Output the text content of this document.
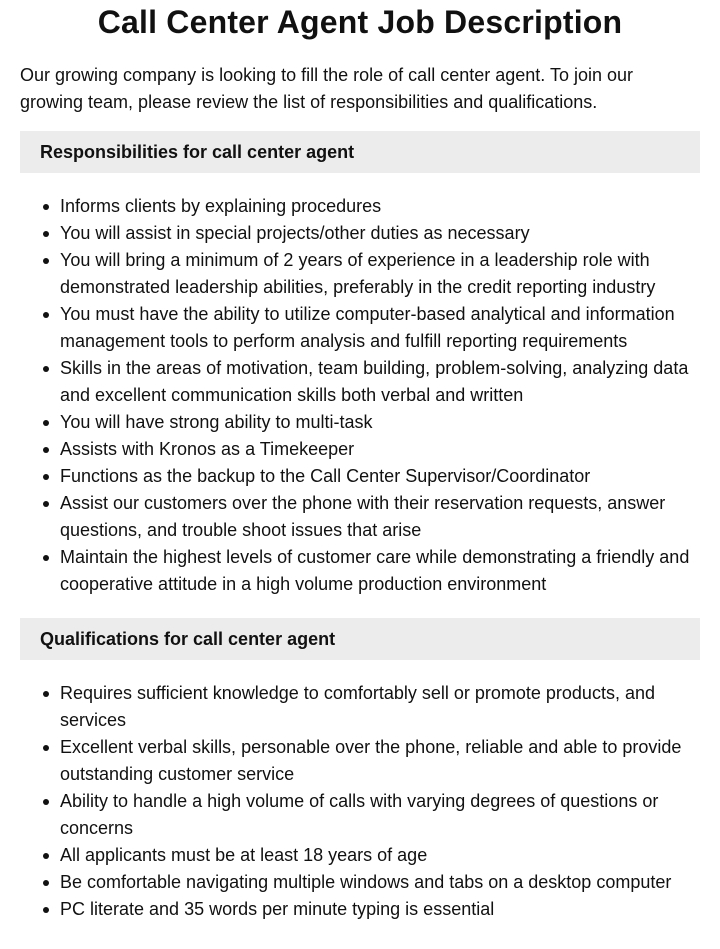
Call Center Agent Job Description

Our growing company is looking to fill the role of call center agent. To join our growing team, please review the list of responsibilities and qualifications.

Responsibilities for call center agent
Informs clients by explaining procedures
You will assist in special projects/other duties as necessary
You will bring a minimum of 2 years of experience in a leadership role with demonstrated leadership abilities, preferably in the credit reporting industry
You must have the ability to utilize computer-based analytical and information management tools to perform analysis and fulfill reporting requirements
Skills in the areas of motivation, team building, problem-solving, analyzing data and excellent communication skills both verbal and written
You will have strong ability to multi-task
Assists with Kronos as a Timekeeper
Functions as the backup to the Call Center Supervisor/Coordinator
Assist our customers over the phone with their reservation requests, answer questions, and trouble shoot issues that arise
Maintain the highest levels of customer care while demonstrating a friendly and cooperative attitude in a high volume production environment
Qualifications for call center agent
Requires sufficient knowledge to comfortably sell or promote products, and services
Excellent verbal skills, personable over the phone, reliable and able to provide outstanding customer service
Ability to handle a high volume of calls with varying degrees of questions or concerns
All applicants must be at least 18 years of age
Be comfortable navigating multiple windows and tabs on a desktop computer
PC literate and 35 words per minute typing is essential
